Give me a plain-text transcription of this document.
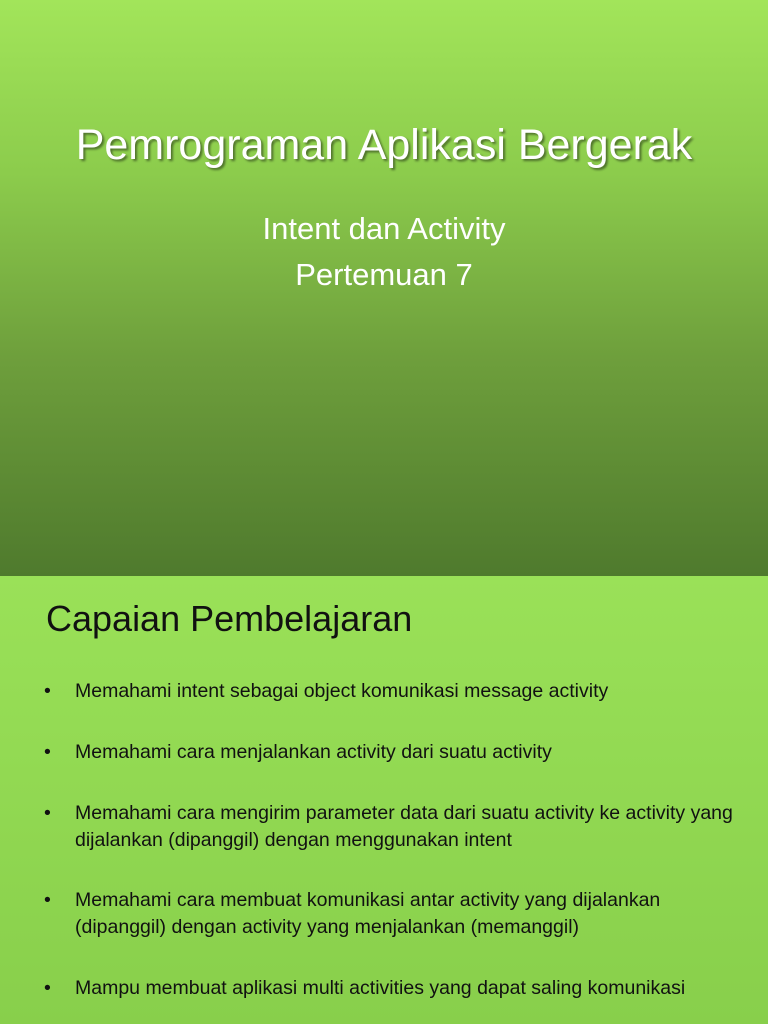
Pemrograman Aplikasi Bergerak
Intent dan Activity
Pertemuan 7
Capaian Pembelajaran
• Memahami intent sebagai object komunikasi message activity
• Memahami cara menjalankan activity dari suatu activity
• Memahami cara mengirim parameter data dari suatu activity ke activity yang dijalankan (dipanggil) dengan menggunakan intent
• Memahami cara membuat komunikasi antar activity yang dijalankan (dipanggil) dengan activity yang menjalankan (memanggil)
• Mampu membuat aplikasi multi activities yang dapat saling komunikasi
